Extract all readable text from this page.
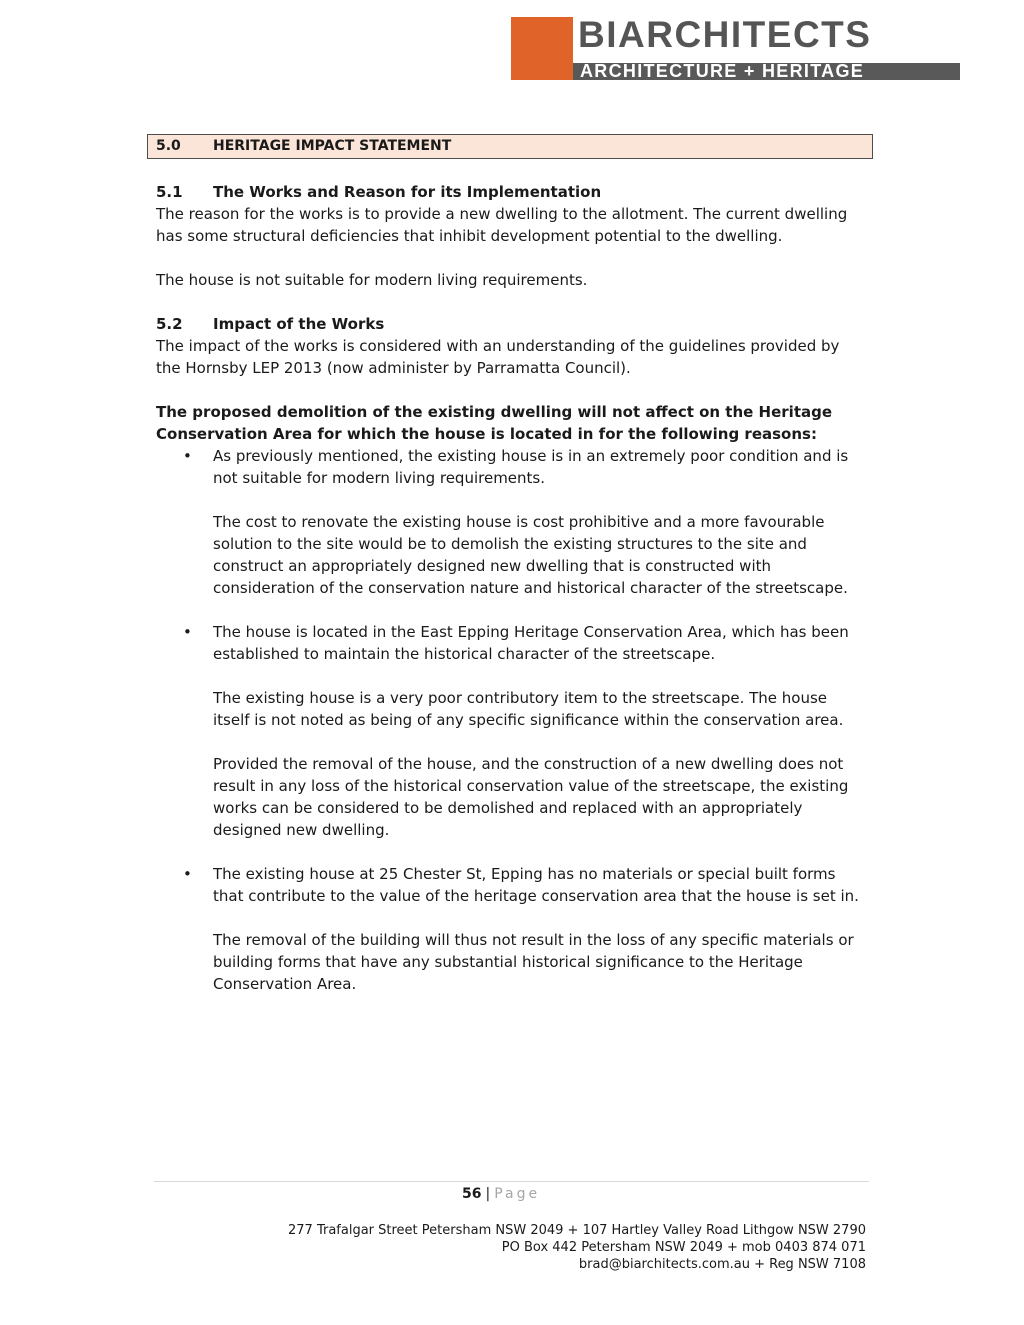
BIARCHITECTS
ARCHITECTURE + HERITAGE
5.0 HERITAGE IMPACT STATEMENT
5.1 The Works and Reason for its Implementation

The reason for the works is to provide a new dwelling to the allotment. The current dwelling has some structural deficiencies that inhibit development potential to the dwelling.

The house is not suitable for modern living requirements.

5.2 Impact of the Works

The impact of the works is considered with an understanding of the guidelines provided by the Hornsby LEP 2013 (now administer by Parramatta Council).

The proposed demolition of the existing dwelling will not affect on the Heritage Conservation Area for which the house is located in for the following reasons:

• As previously mentioned, the existing house is in an extremely poor condition and is not suitable for modern living requirements.

The cost to renovate the existing house is cost prohibitive and a more favourable solution to the site would be to demolish the existing structures to the site and construct an appropriately designed new dwelling that is constructed with consideration of the conservation nature and historical character of the streetscape.

• The house is located in the East Epping Heritage Conservation Area, which has been established to maintain the historical character of the streetscape.

The existing house is a very poor contributory item to the streetscape. The house itself is not noted as being of any specific significance within the conservation area.

Provided the removal of the house, and the construction of a new dwelling does not result in any loss of the historical conservation value of the streetscape, the existing works can be considered to be demolished and replaced with an appropriately designed new dwelling.

• The existing house at 25 Chester St, Epping has no materials or special built forms that contribute to the value of the heritage conservation area that the house is set in.

The removal of the building will thus not result in the loss of any specific materials or building forms that have any substantial historical significance to the Heritage Conservation Area.

56 | Page
277 Trafalgar Street Petersham NSW 2049 + 107 Hartley Valley Road Lithgow NSW 2790
PO Box 442 Petersham NSW 2049 + mob 0403 874 071
brad@biarchitects.com.au + Reg NSW 7108
